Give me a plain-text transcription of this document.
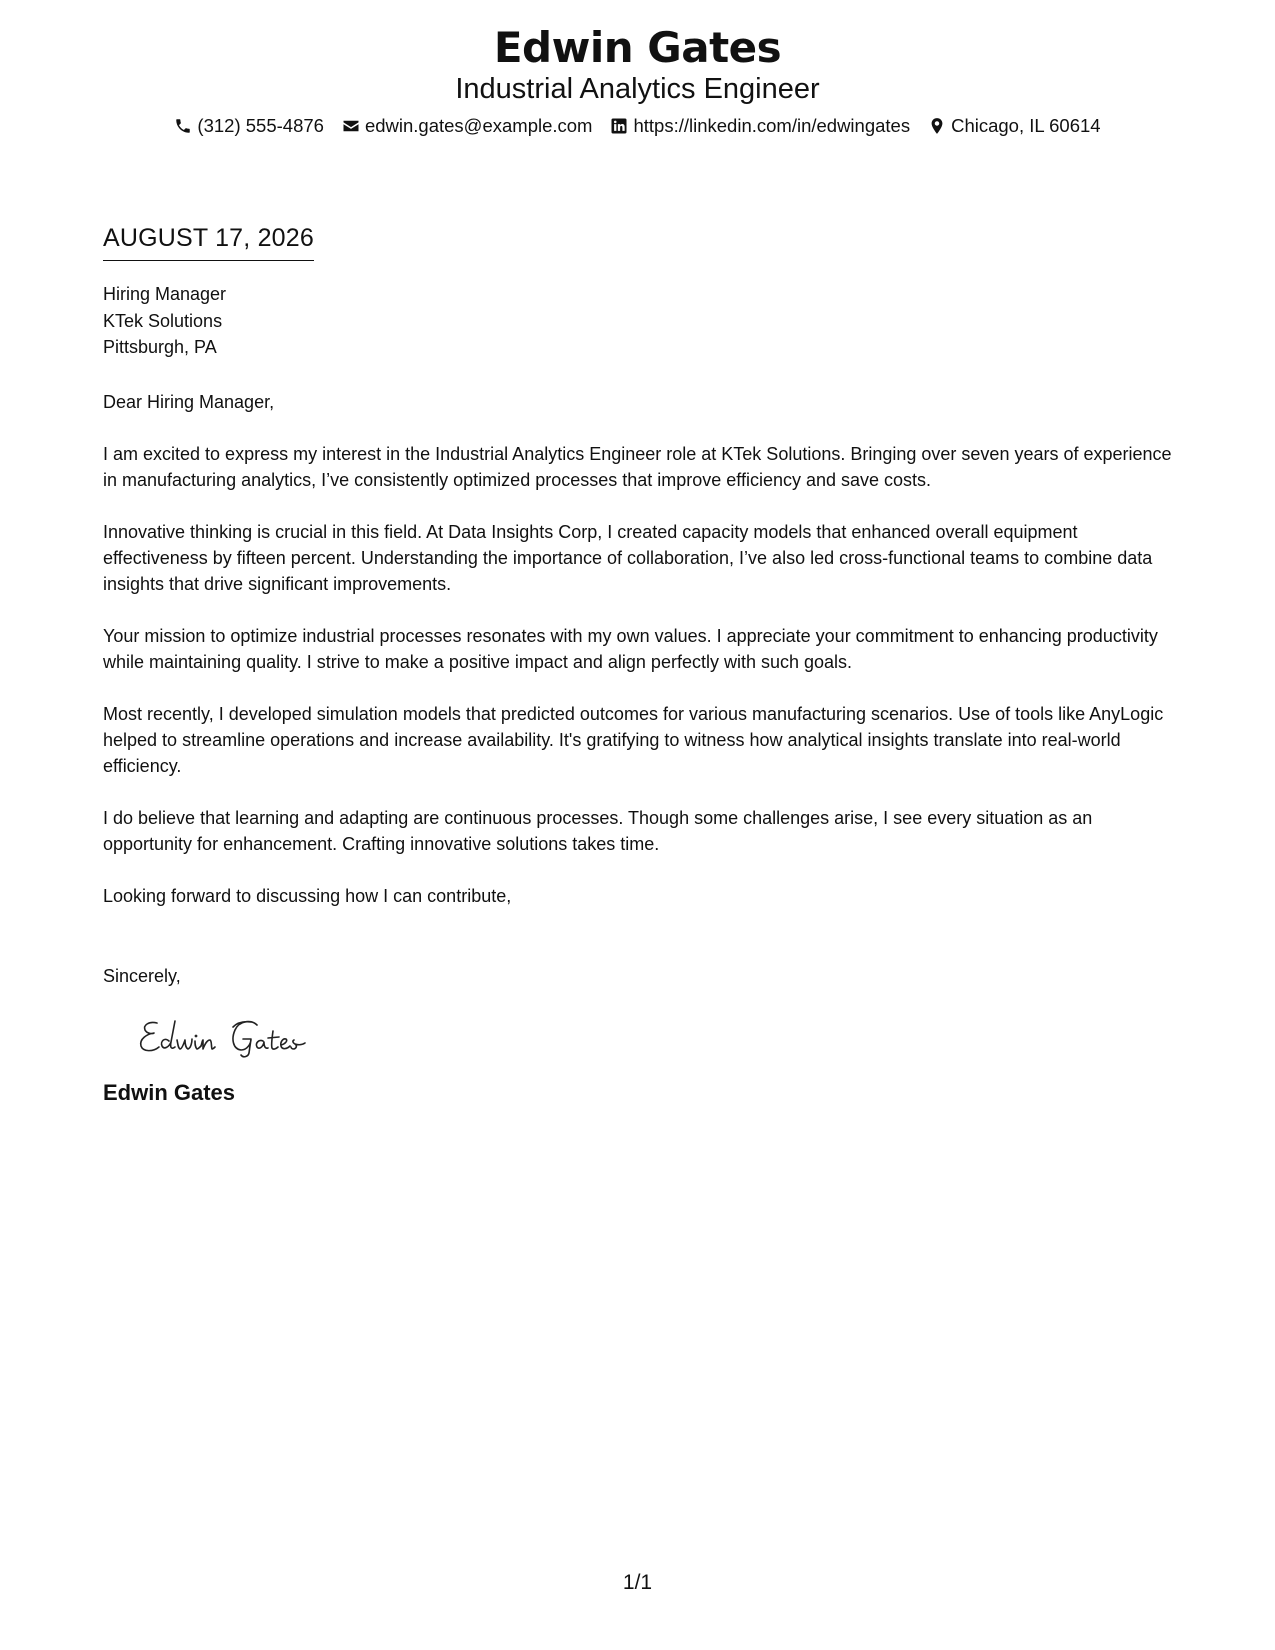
Edwin Gates
Industrial Analytics Engineer
(312) 555-4876 edwin.gates@example.com https://linkedin.com/in/edwingates Chicago, IL 60614
AUGUST 17, 2026
Hiring Manager
KTek Solutions
Pittsburgh, PA
Dear Hiring Manager,
I am excited to express my interest in the Industrial Analytics Engineer role at KTek Solutions. Bringing over seven years of experience in manufacturing analytics, I’ve consistently optimized processes that improve efficiency and save costs.
Innovative thinking is crucial in this field. At Data Insights Corp, I created capacity models that enhanced overall equipment effectiveness by fifteen percent. Understanding the importance of collaboration, I’ve also led cross-functional teams to combine data insights that drive significant improvements.
Your mission to optimize industrial processes resonates with my own values. I appreciate your commitment to enhancing productivity while maintaining quality. I strive to make a positive impact and align perfectly with such goals.
Most recently, I developed simulation models that predicted outcomes for various manufacturing scenarios. Use of tools like AnyLogic helped to streamline operations and increase availability. It's gratifying to witness how analytical insights translate into real-world efficiency.
I do believe that learning and adapting are continuous processes. Though some challenges arise, I see every situation as an opportunity for enhancement. Crafting innovative solutions takes time.
Looking forward to discussing how I can contribute,
Sincerely,
Edwin Gates
1/1
